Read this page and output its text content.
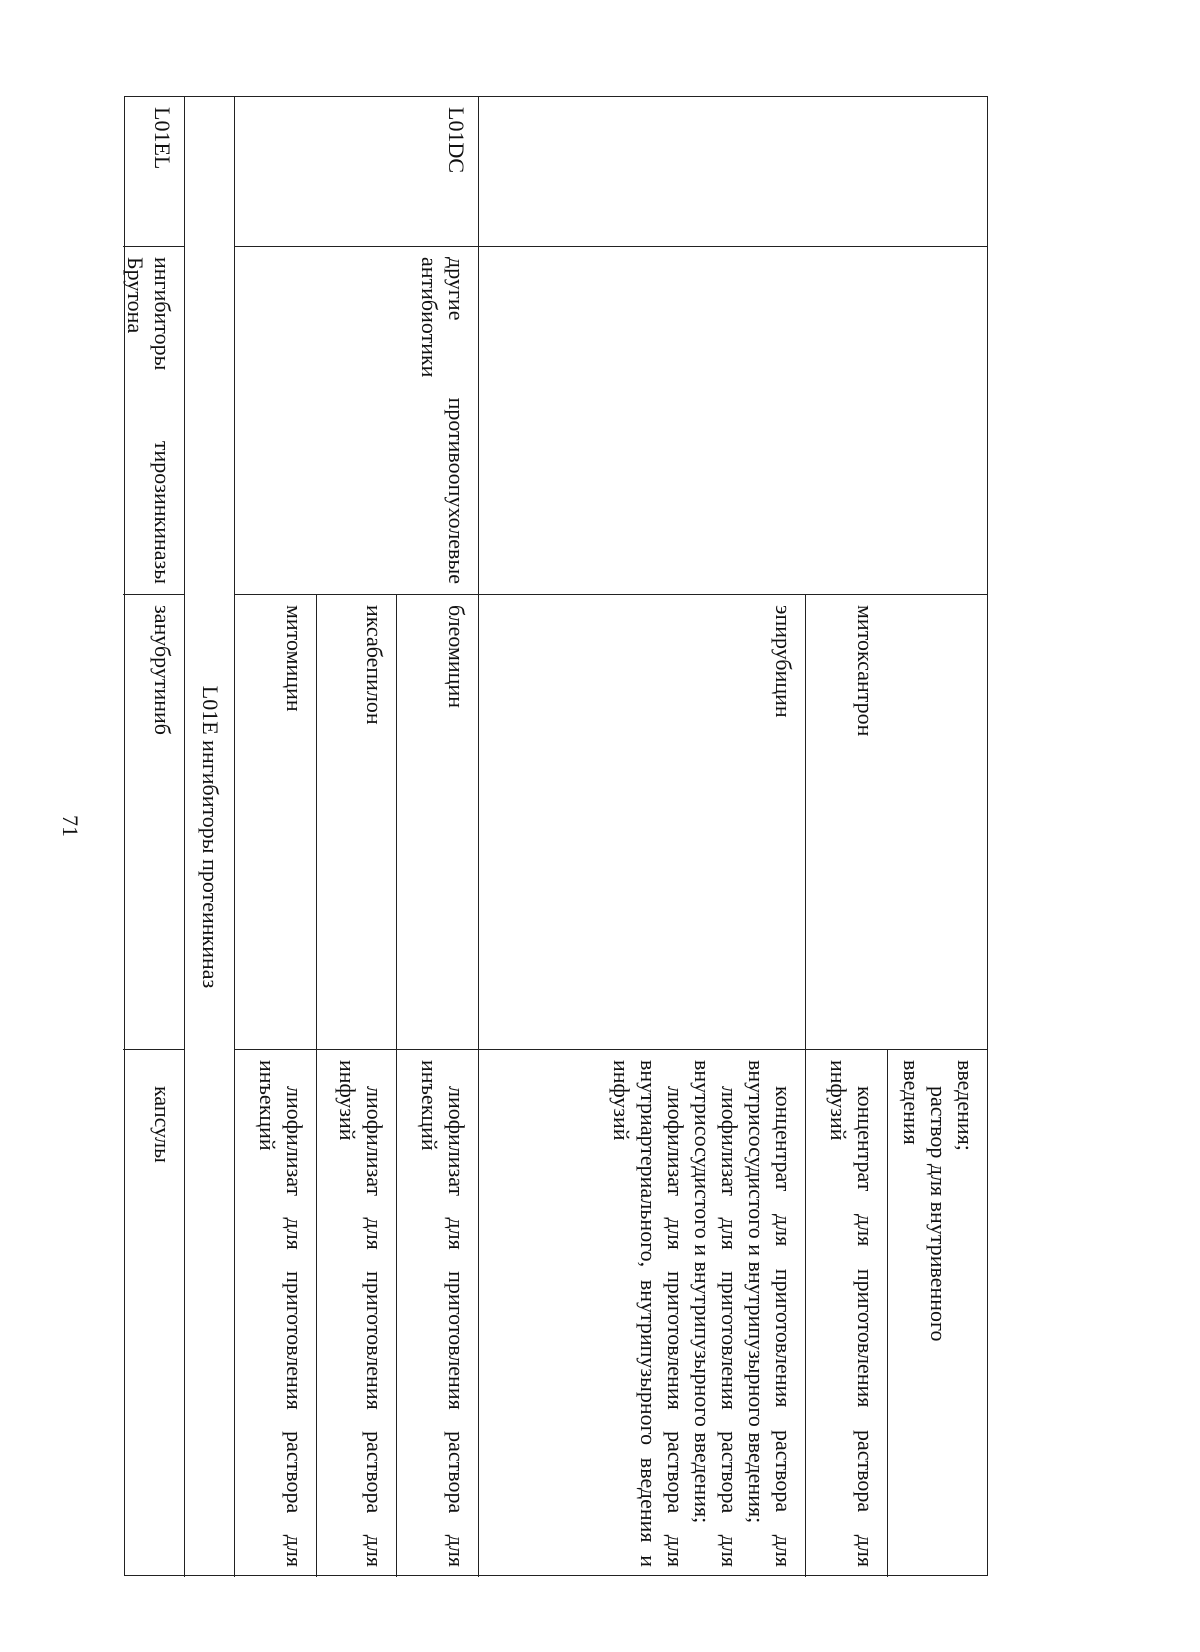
71
введения;
раствор для внутривенного
введения
митоксантрон
концентрат для приготовления раствора для инфузий
эпирубицин
концентрат для приготовления раствора для внутрисосудистого и внутрипузырного введения;
лиофилизат для приготовления раствора для внутрисосудистого и внутрипузырного введения;
лиофилизат для приготовления раствора для внутриартериального, внутрипузырного введения и инфузий
L01DC
другие
противоопухолевые
антибиотики
блеомицин
лиофилизат для приготовления раствора для инъекций
иксабепилон
лиофилизат для приготовления раствора для инфузий
митомицин
лиофилизат для приготовления раствора для инъекций
L01E ингибиторы протеинкиназ
L01EL
ингибиторы
тирозинкиназы
Брутона
занубрутиниб
капсулы
